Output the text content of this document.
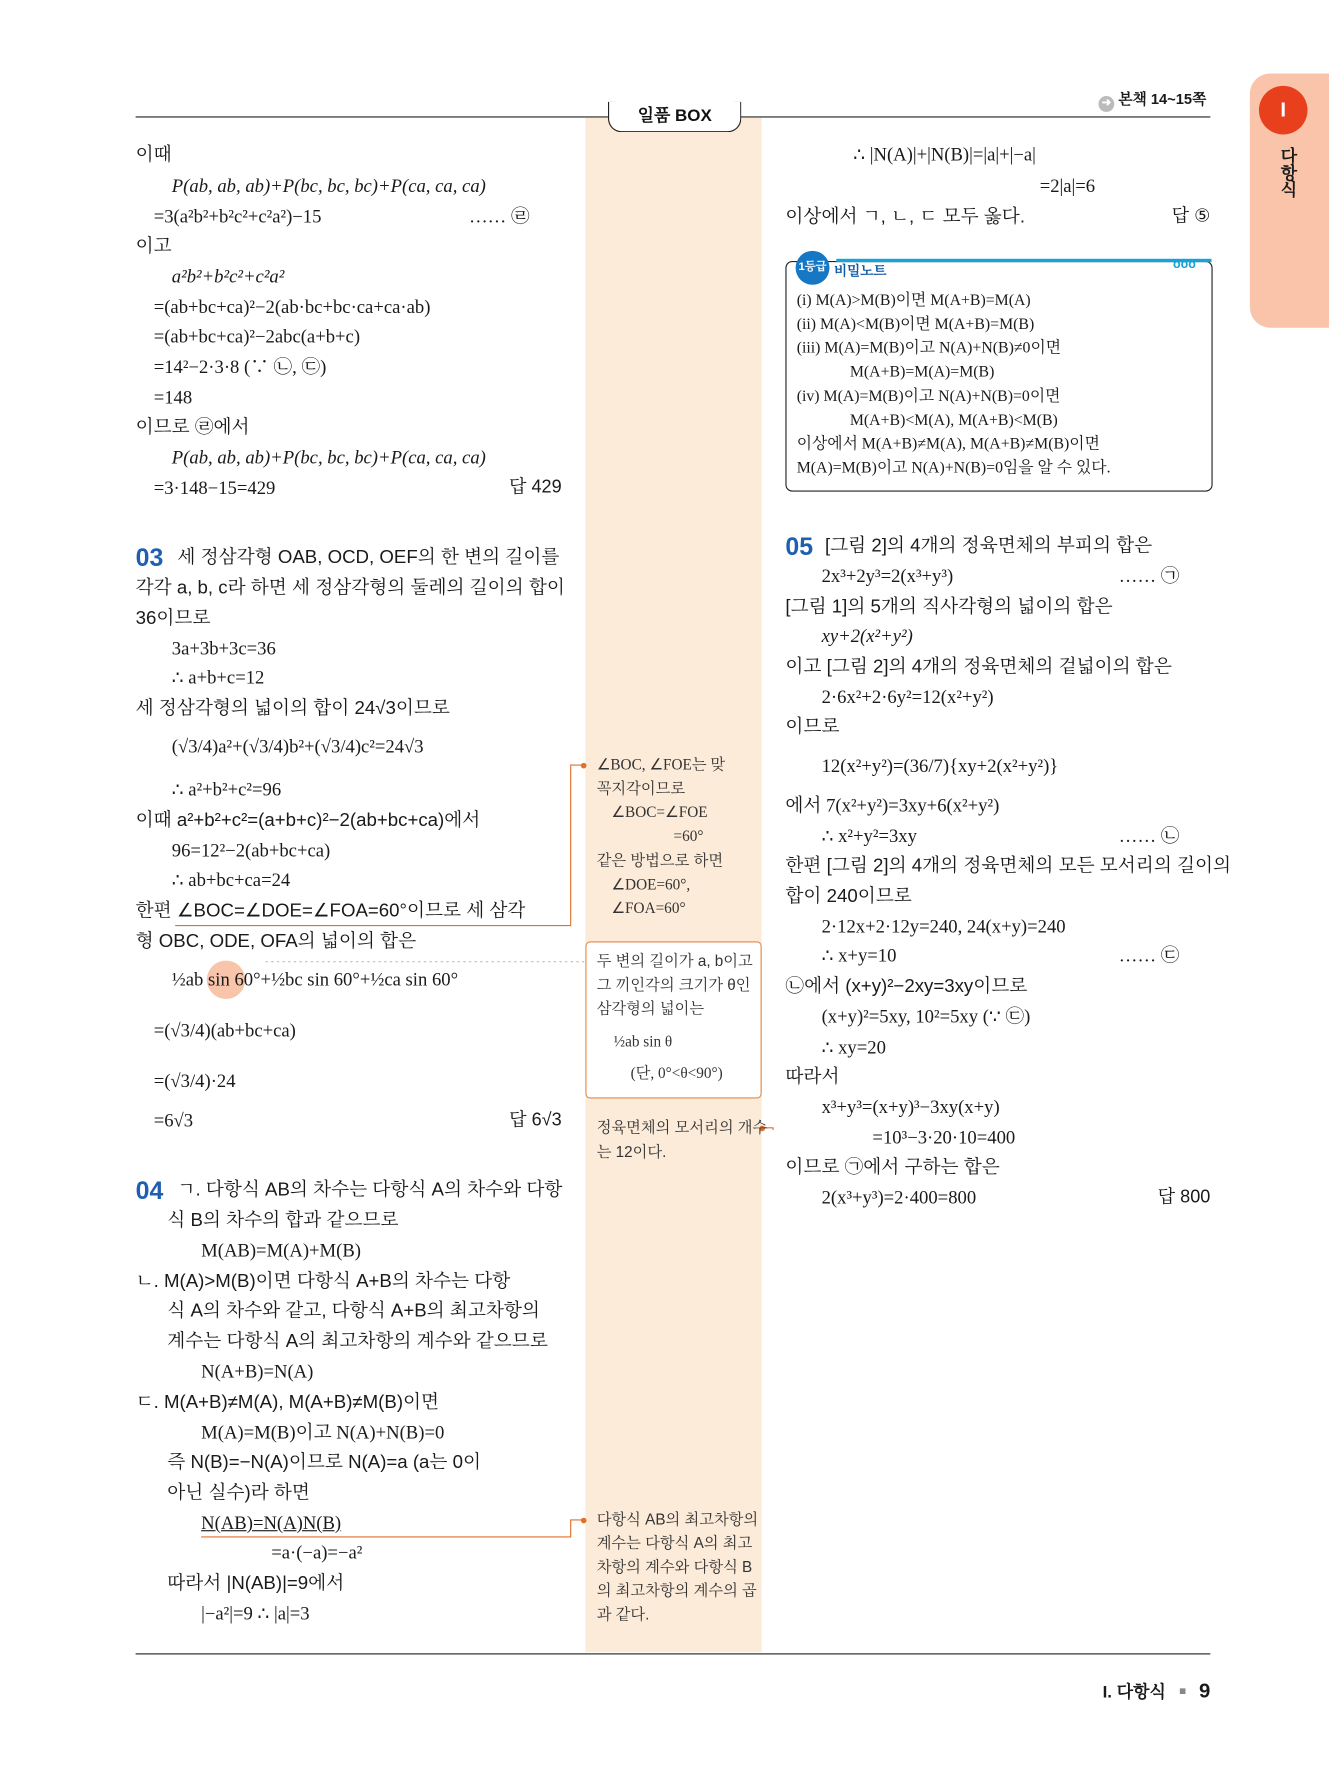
➜ 본책 14~15쪽
일품 BOX	I
다항식
이때
P(ab, ab, ab)+P(bc, bc, bc)+P(ca, ca, ca)
=3(a²b²+b²c²+c²a²)−15	…… ㉣
이고
a²b²+b²c²+c²a²
=(ab+bc+ca)²−2(ab·bc+bc·ca+ca·ab)
=(ab+bc+ca)²−2abc(a+b+c)
=14²−2·3·8 (∵ ㉡, ㉢)
=148
이므로 ㉣에서
P(ab, ab, ab)+P(bc, bc, bc)+P(ca, ca, ca)
=3·148−15=429	답 429
03 세 정삼각형 OAB, OCD, OEF의 한 변의 길이를
각각 a, b, c라 하면 세 정삼각형의 둘레의 길이의 합이
36이므로
3a+3b+3c=36
∴ a+b+c=12
세 정삼각형의 넓이의 합이 24√3이므로
(√3/4)a²+(√3/4)b²+(√3/4)c²=24√3
∴ a²+b²+c²=96
이때 a²+b²+c²=(a+b+c)²−2(ab+bc+ca)에서
96=12²−2(ab+bc+ca)
∴ ab+bc+ca=24
한편 ∠BOC=∠DOE=∠FOA=60°이므로 세 삼각
형 OBC, ODE, OFA의 넓이의 합은
½ab sin 60°+½bc sin 60°+½ca sin 60°
=(√3/4)(ab+bc+ca)
=(√3/4)·24
=6√3	답 6√3
04 ㄱ. 다항식 AB의 차수는 다항식 A의 차수와 다항
식 B의 차수의 합과 같으므로
M(AB)=M(A)+M(B)
ㄴ. M(A)>M(B)이면 다항식 A+B의 차수는 다항
식 A의 차수와 같고, 다항식 A+B의 최고차항의
계수는 다항식 A의 최고차항의 계수와 같으므로
N(A+B)=N(A)
ㄷ. M(A+B)≠M(A), M(A+B)≠M(B)이면
M(A)=M(B)이고 N(A)+N(B)=0
즉 N(B)=−N(A)이므로 N(A)=a (a는 0이
아닌 실수)라 하면
N(AB)=N(A)N(B)
=a·(−a)=−a²
따라서 |N(AB)|=9에서
|−a²|=9 ∴ |a|=3
∠BOC, ∠FOE는 맞
꼭지각이므로
∠BOC=∠FOE
=60°
같은 방법으로 하면
∠DOE=60°,
∠FOA=60°
두 변의 길이가 a, b이고
그 끼인각의 크기가 θ인
삼각형의 넓이는
½ab sin θ
(단, 0°<θ<90°)
정육면체의 모서리의 개수
는 12이다.
다항식 AB의 최고차항의
계수는 다항식 A의 최고
차항의 계수와 다항식 B
의 최고차항의 계수의 곱
과 같다.
∴ |N(A)|+|N(B)|=|a|+|−a|
=2|a|=6
이상에서 ㄱ, ㄴ, ㄷ 모두 옳다.	답 ⑤
1등급 비밀노트	ooo
(i) M(A)>M(B)이면 M(A+B)=M(A)
(ii) M(A)<M(B)이면 M(A+B)=M(B)
(iii) M(A)=M(B)이고 N(A)+N(B)≠0이면
M(A+B)=M(A)=M(B)
(iv) M(A)=M(B)이고 N(A)+N(B)=0이면
M(A+B)<M(A), M(A+B)<M(B)
이상에서 M(A+B)≠M(A), M(A+B)≠M(B)이면
M(A)=M(B)이고 N(A)+N(B)=0임을 알 수 있다.
05 [그림 2]의 4개의 정육면체의 부피의 합은
2x³+2y³=2(x³+y³)	…… ㉠
[그림 1]의 5개의 직사각형의 넓이의 합은
xy+2(x²+y²)
이고 [그림 2]의 4개의 정육면체의 겉넓이의 합은
2·6x²+2·6y²=12(x²+y²)
이므로
12(x²+y²)=(36/7){xy+2(x²+y²)}
에서 7(x²+y²)=3xy+6(x²+y²)
∴ x²+y²=3xy	…… ㉡
한편 [그림 2]의 4개의 정육면체의 모든 모서리의 길이의
합이 240이므로
2·12x+2·12y=240, 24(x+y)=240
∴ x+y=10	…… ㉢
㉡에서 (x+y)²−2xy=3xy이므로
(x+y)²=5xy, 10²=5xy (∵ ㉢)
∴ xy=20
따라서
x³+y³=(x+y)³−3xy(x+y)
=10³−3·20·10=400
이므로 ㉠에서 구하는 합은
2(x³+y³)=2·400=800	답 800
I. 다항식 9
